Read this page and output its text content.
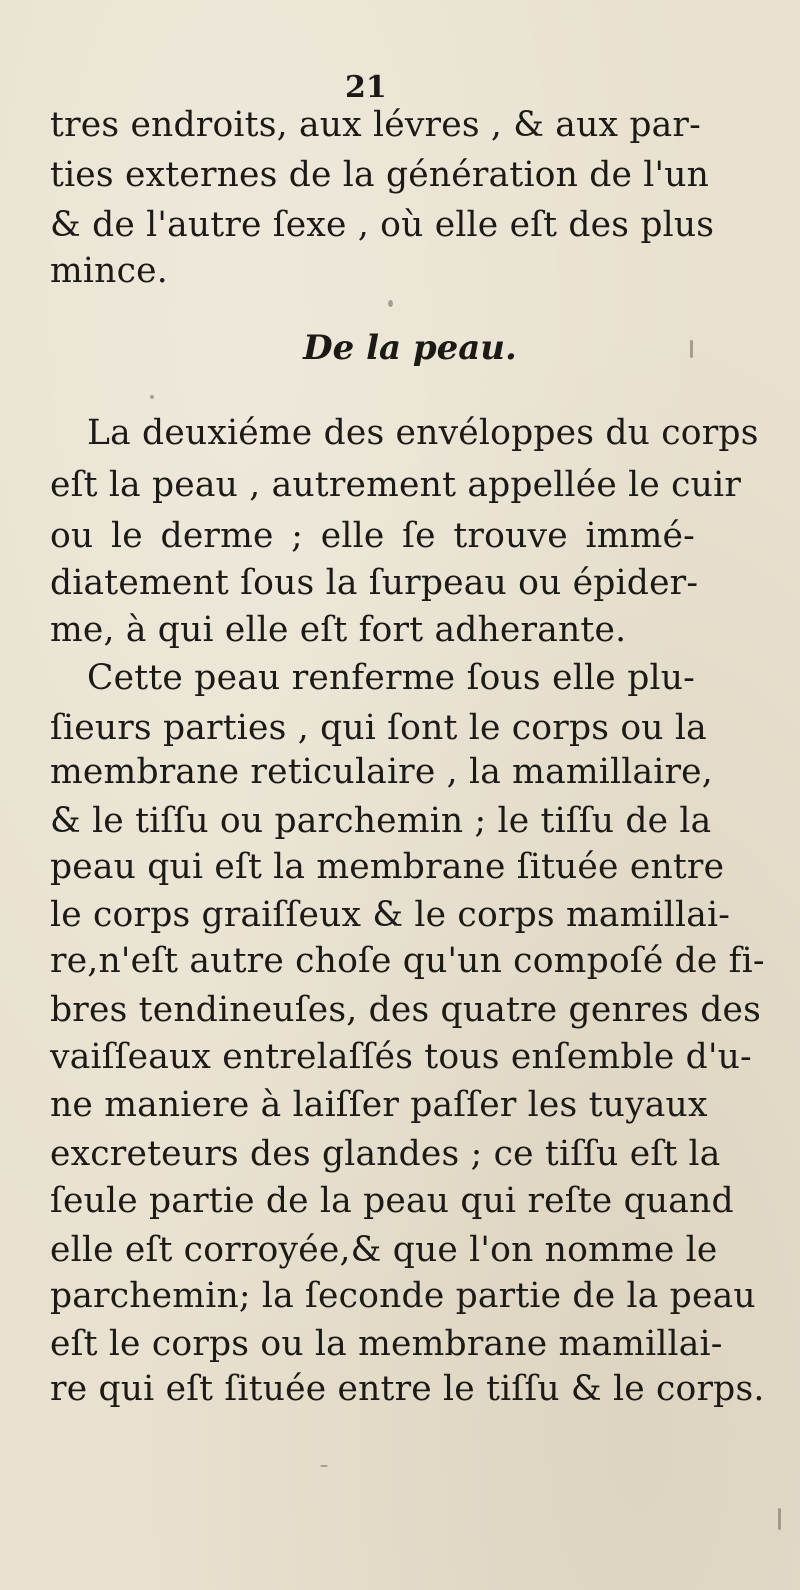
21
tres endroits, aux lévres , & aux par-
ties externes de la génération de l'un
& de l'autre ſexe , où elle eſt des plus
mince.
De la peau.
La deuxiéme des envéloppes du corps
eſt la peau , autrement appellée le cuir
ou le derme ; elle ſe trouve immé-
diatement ſous la ſurpeau ou épider-
me, à qui elle eſt fort adherante.
Cette peau renferme ſous elle plu-
ſieurs parties , qui ſont le corps ou la
membrane reticulaire , la mamillaire,
& le tiſſu ou parchemin ; le tiſſu de la
peau qui eſt la membrane ſituée entre
le corps graiſſeux & le corps mamillai-
re,n'eſt autre choſe qu'un compoſé de fi-
bres tendineuſes, des quatre genres des
vaiſſeaux entrelaſſés tous enſemble d'u-
ne maniere à laiſſer paſſer les tuyaux
excreteurs des glandes ; ce tiſſu eſt la
ſeule partie de la peau qui reſte quand
elle eſt corroyée,& que l'on nomme le
parchemin; la ſeconde partie de la peau
eſt le corps ou la membrane mamillai-
re qui eſt ſituée entre le tiſſu & le corps.
